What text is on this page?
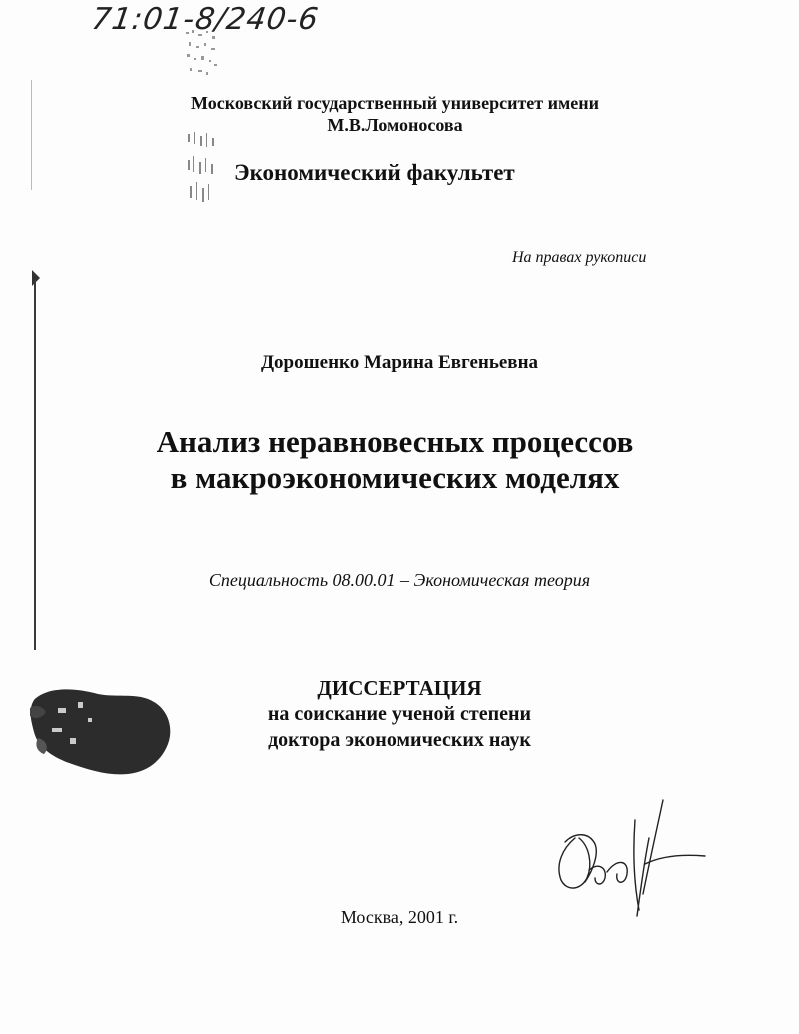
71:01-8/240-6
Московский государственный университет имени
М.В.Ломоносова
Экономический факультет
На правах рукописи
Дорошенко Марина Евгеньевна
Анализ неравновесных процессов
в макроэкономических моделях
Специальность 08.00.01 – Экономическая теория
ДИССЕРТАЦИЯ
на соискание ученой степени
доктора экономических наук
Москва, 2001 г.
